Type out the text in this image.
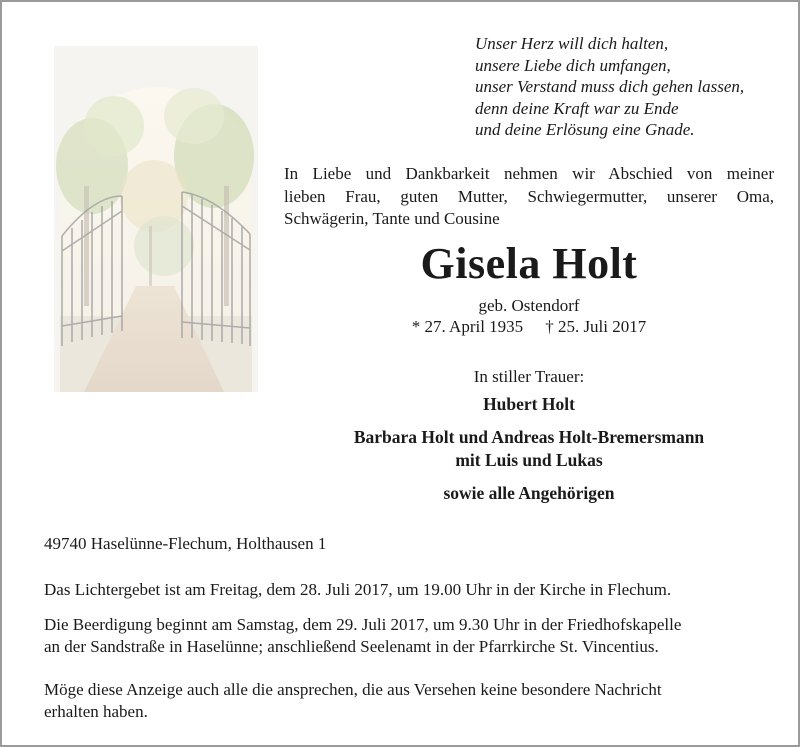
Unser Herz will dich halten,
unsere Liebe dich umfangen,
unser Verstand muss dich gehen lassen,
denn deine Kraft war zu Ende
und deine Erlösung eine Gnade.
In Liebe und Dankbarkeit nehmen wir Abschied von meiner
lieben Frau, guten Mutter, Schwiegermutter, unserer Oma,
Schwägerin, Tante und Cousine
Gisela Holt
geb. Ostendorf
* 27. April 1935 † 25. Juli 2017
In stiller Trauer:
Hubert Holt
Barbara Holt und Andreas Holt-Bremersmann
mit Luis und Lukas
sowie alle Angehörigen
49740 Haselünne-Flechum, Holthausen 1
Das Lichtergebet ist am Freitag, dem 28. Juli 2017, um 19.00 Uhr in der Kirche in Flechum.
Die Beerdigung beginnt am Samstag, dem 29. Juli 2017, um 9.30 Uhr in der Friedhofskapelle
an der Sandstraße in Haselünne; anschließend Seelenamt in der Pfarrkirche St. Vincentius.
Möge diese Anzeige auch alle die ansprechen, die aus Versehen keine besondere Nachricht
erhalten haben.
